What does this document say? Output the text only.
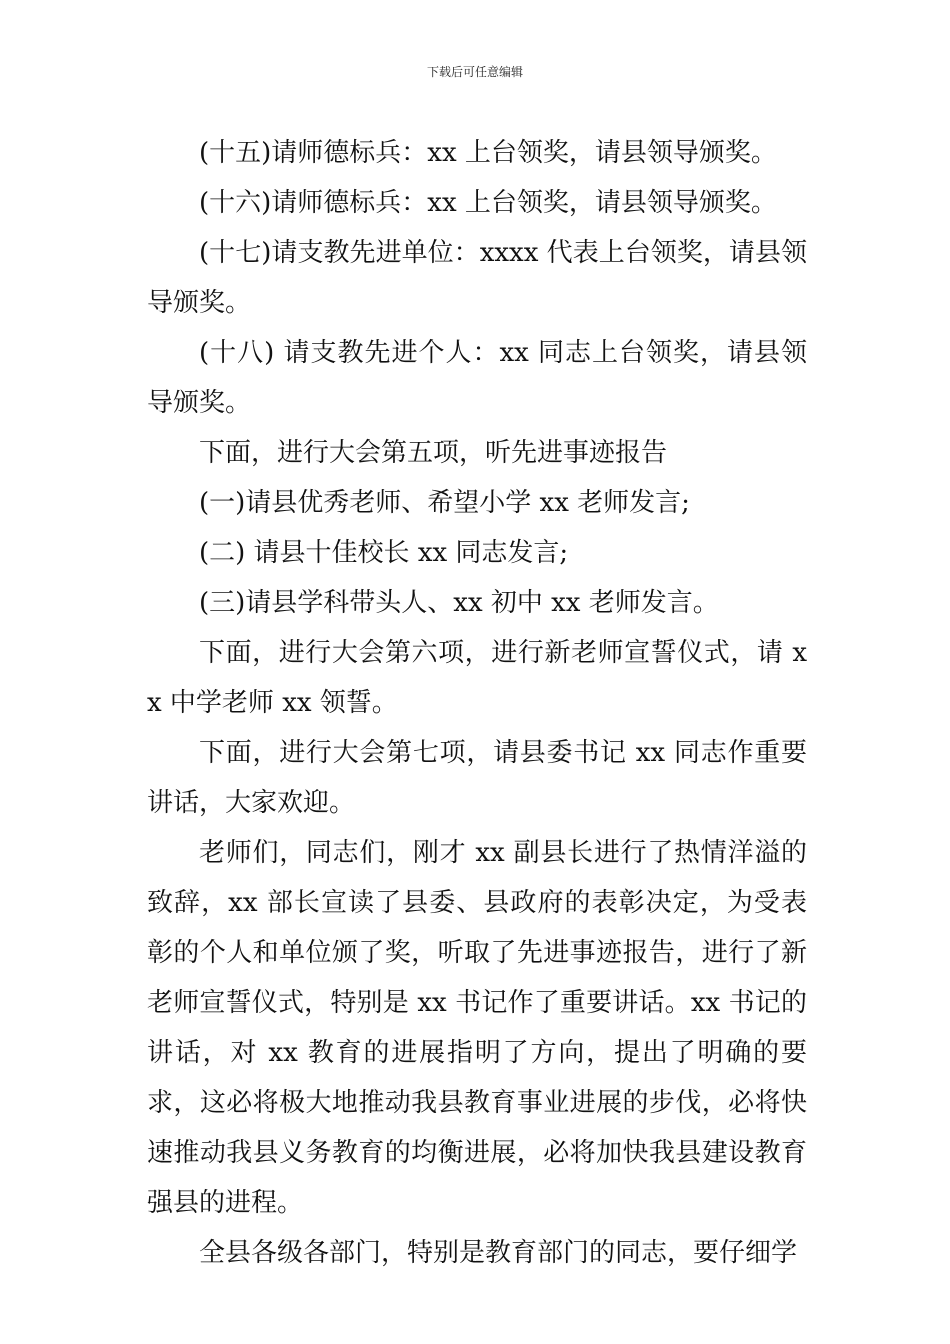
下载后可任意编辑

(十五)请师德标兵：xx 上台领奖，请县领导颁奖。

(十六)请师德标兵：xx 上台领奖，请县领导颁奖。

(十七)请支教先进单位：xxxx 代表上台领奖，请县领导颁奖。

(十八) 请支教先进个人：xx 同志上台领奖，请县领导颁奖。

下面，进行大会第五项，听先进事迹报告

(一)请县优秀老师、希望小学 xx 老师发言;

(二) 请县十佳校长 xx 同志发言;

(三)请县学科带头人、xx 初中 xx 老师发言。

下面，进行大会第六项，进行新老师宣誓仪式，请 xx 中学老师 xx 领誓。

下面，进行大会第七项，请县委书记 xx 同志作重要讲话，大家欢迎。

老师们，同志们，刚才 xx 副县长进行了热情洋溢的致辞，xx 部长宣读了县委、县政府的表彰决定，为受表彰的个人和单位颁了奖，听取了先进事迹报告，进行了新老师宣誓仪式，特别是 xx 书记作了重要讲话。xx 书记的讲话，对 xx 教育的进展指明了方向，提出了明确的要求，这必将极大地推动我县教育事业进展的步伐，必将快速推动我县义务教育的均衡进展，必将加快我县建设教育强县的进程。

全县各级各部门，特别是教育部门的同志，要仔细学
